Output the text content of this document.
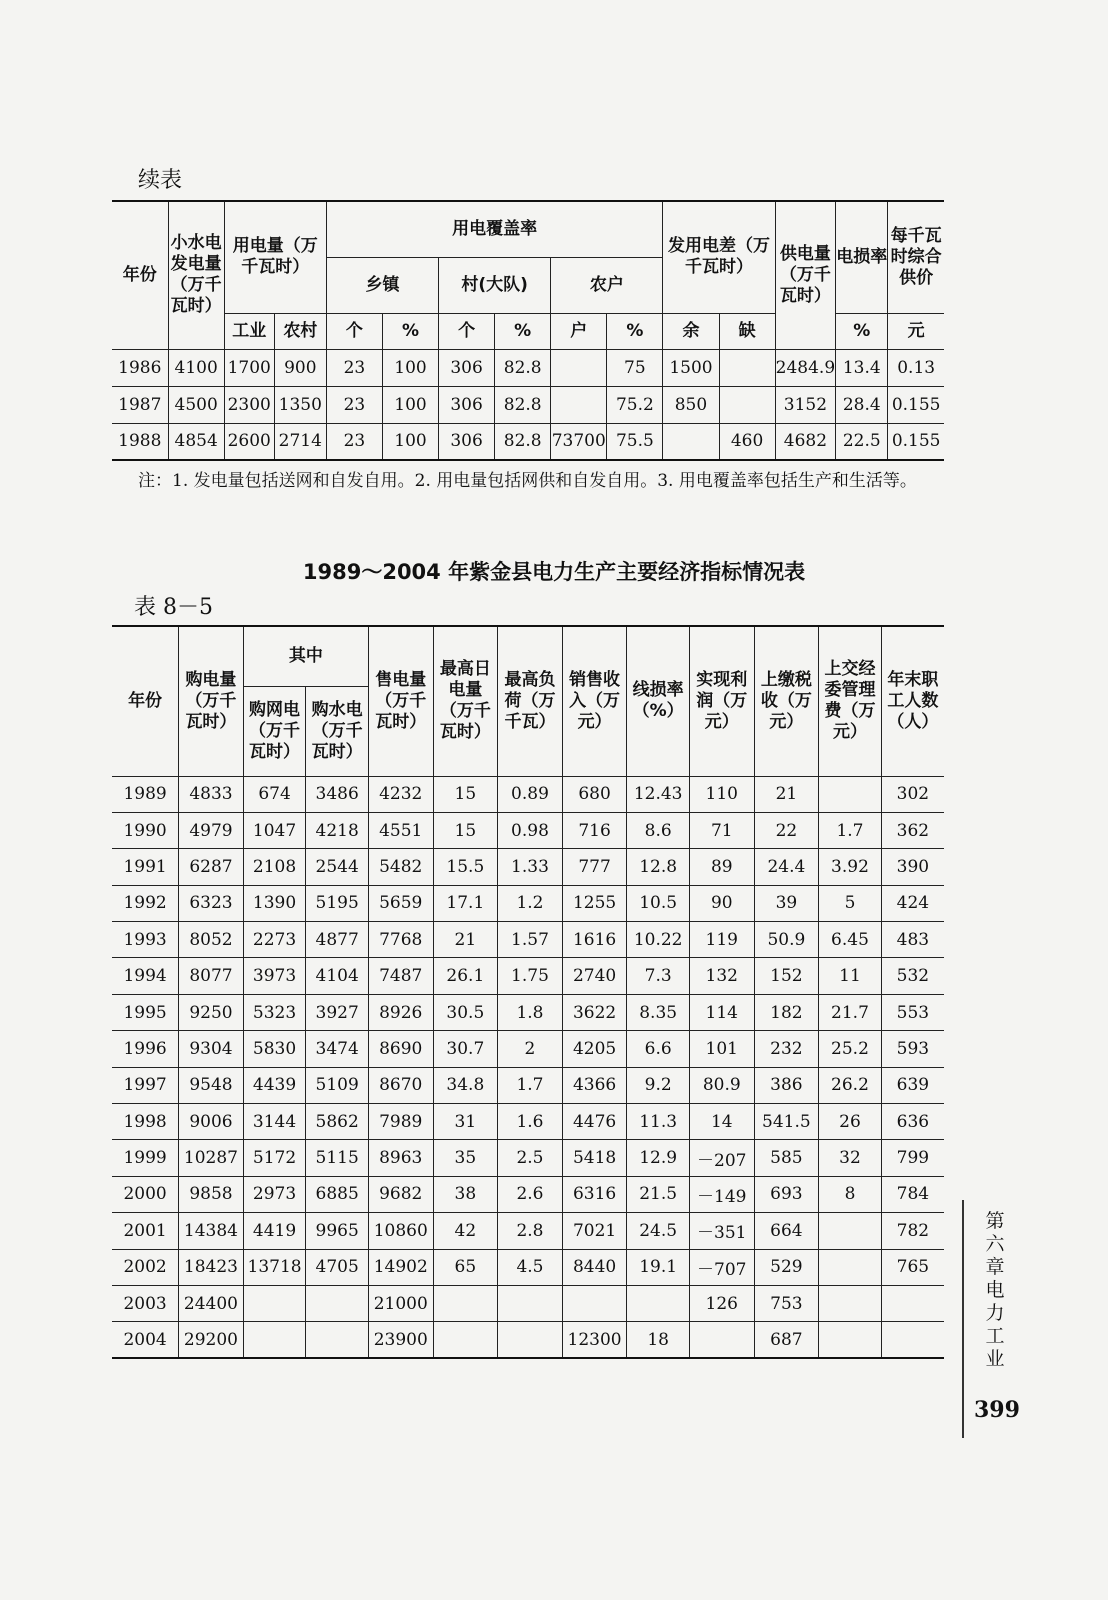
续表
年份	小水电发电量（万千瓦时）	用电量（万千瓦时）		用电覆盖率						发用电差（万千瓦时）		供电量（万千瓦时）	电损率	每千瓦时综合供价
				乡镇		村(大队)		农户						
		工业	农村	个	%	个	%	户	%	余	缺		%	元
1986	4100	1700	900	23	100	306	82.8		75	1500		2484.9	13.4	0.13
1987	4500	2300	1350	23	100	306	82.8		75.2	850		3152	28.4	0.155
1988	4854	2600	2714	23	100	306	82.8	73700	75.5		460	4682	22.5	0.155
注：1. 发电量包括送网和自发自用。2. 用电量包括网供和自发自用。3. 用电覆盖率包括生产和生活等。
1989～2004 年紫金县电力生产主要经济指标情况表
表 8－5
年份	购电量（万千瓦时）	其中		售电量（万千瓦时）	最高日电量（万千瓦时）	最高负荷（万千瓦）	销售收入（万元）	线损率（%）	实现利润（万元）	上缴税收（万元）	上交经委管理费（万元）	年末职工人数（人）
		购网电（万千瓦时）	购水电（万千瓦时）									
1989	4833	674	3486	4232	15	0.89	680	12.43	110	21		302
1990	4979	1047	4218	4551	15	0.98	716	8.6	71	22	1.7	362
1991	6287	2108	2544	5482	15.5	1.33	777	12.8	89	24.4	3.92	390
1992	6323	1390	5195	5659	17.1	1.2	1255	10.5	90	39	5	424
1993	8052	2273	4877	7768	21	1.57	1616	10.22	119	50.9	6.45	483
1994	8077	3973	4104	7487	26.1	1.75	2740	7.3	132	152	11	532
1995	9250	5323	3927	8926	30.5	1.8	3622	8.35	114	182	21.7	553
1996	9304	5830	3474	8690	30.7	2	4205	6.6	101	232	25.2	593
1997	9548	4439	5109	8670	34.8	1.7	4366	9.2	80.9	386	26.2	639
1998	9006	3144	5862	7989	31	1.6	4476	11.3	14	541.5	26	636
1999	10287	5172	5115	8963	35	2.5	5418	12.9	－207	585	32	799
2000	9858	2973	6885	9682	38	2.6	6316	21.5	－149	693	8	784
2001	14384	4419	9965	10860	42	2.8	7021	24.5	－351	664		782
2002	18423	13718	4705	14902	65	4.5	8440	19.1	－707	529		765
2003	24400			21000					126	753		
2004	29200			23900			12300	18		687		
第六章 电力工业
399
